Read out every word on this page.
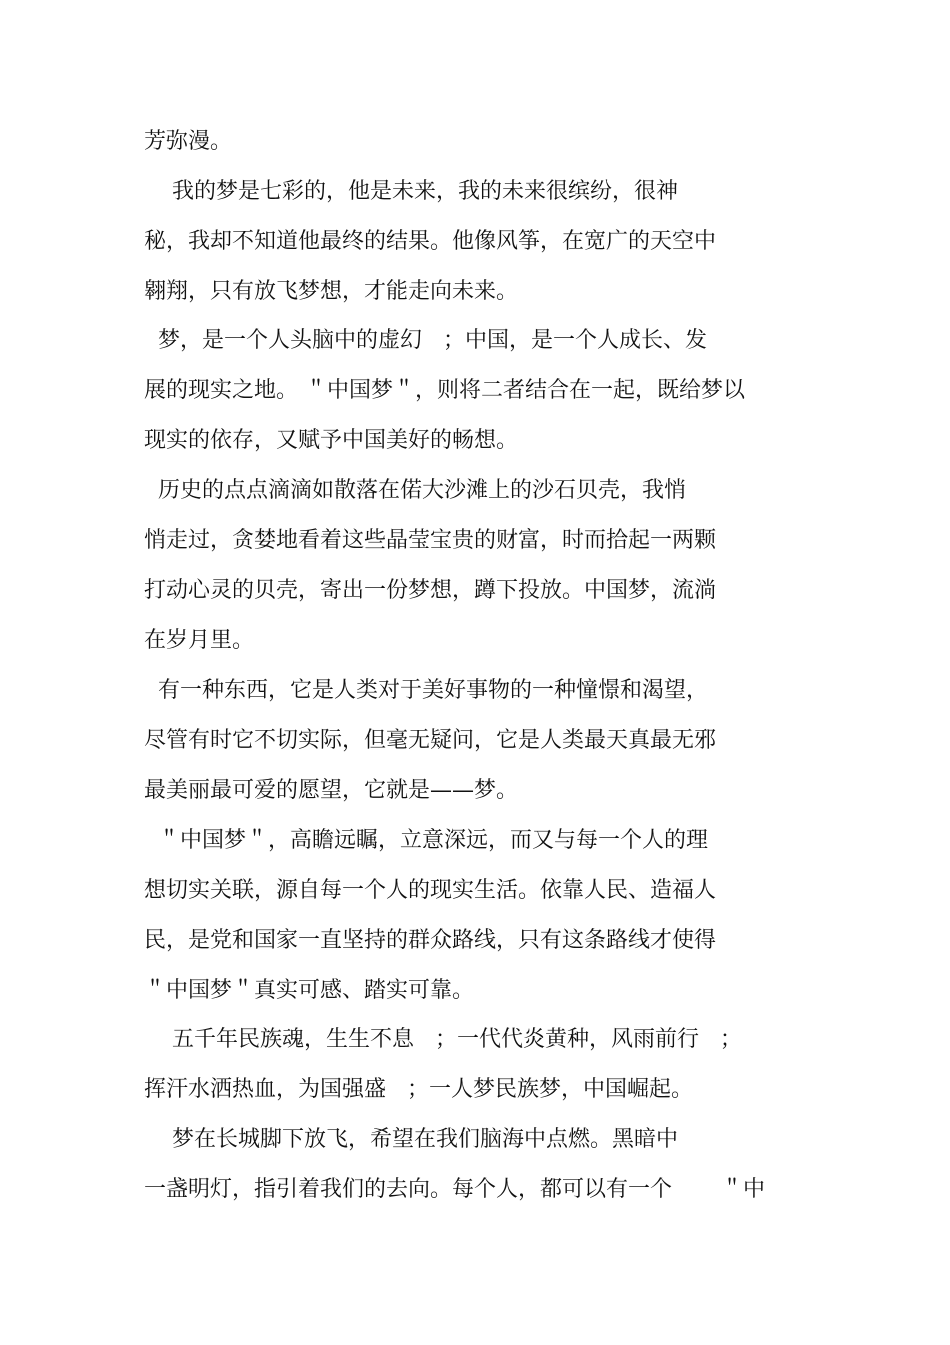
芳弥漫。
我的梦是七彩的，他是未来，我的未来很缤纷，很神
秘，我却不知道他最终的结果。他像风筝，在宽广的天空中
翱翔，只有放飞梦想，才能走向未来。
梦，是一个人头脑中的虚幻   ；中国，是一个人成长、发
展的现实之地。 ＂中国梦＂，则将二者结合在一起，既给梦以
现实的依存，又赋予中国美好的畅想。
历史的点点滴滴如散落在偌大沙滩上的沙石贝壳，我悄
悄走过，贪婪地看着这些晶莹宝贵的财富，时而拾起一两颗
打动心灵的贝壳，寄出一份梦想，蹲下投放。中国梦，流淌
在岁月里。
有一种东西，它是人类对于美好事物的一种憧憬和渴望，
尽管有时它不切实际，但毫无疑问，它是人类最天真最无邪
最美丽最可爱的愿望，它就是——梦。
＂中国梦＂，高瞻远瞩，立意深远，而又与每一个人的理
想切实关联，源自每一个人的现实生活。依靠人民、造福人
民，是党和国家一直坚持的群众路线，只有这条路线才使得
＂中国梦＂真实可感、踏实可靠。
五千年民族魂，生生不息   ；一代代炎黄种，风雨前行   ；
挥汗水洒热血，为国强盛   ；一人梦民族梦，中国崛起。
梦在长城脚下放飞，希望在我们脑海中点燃。黑暗中
一盏明灯，指引着我们的去向。每个人，都可以有一个       ＂中
